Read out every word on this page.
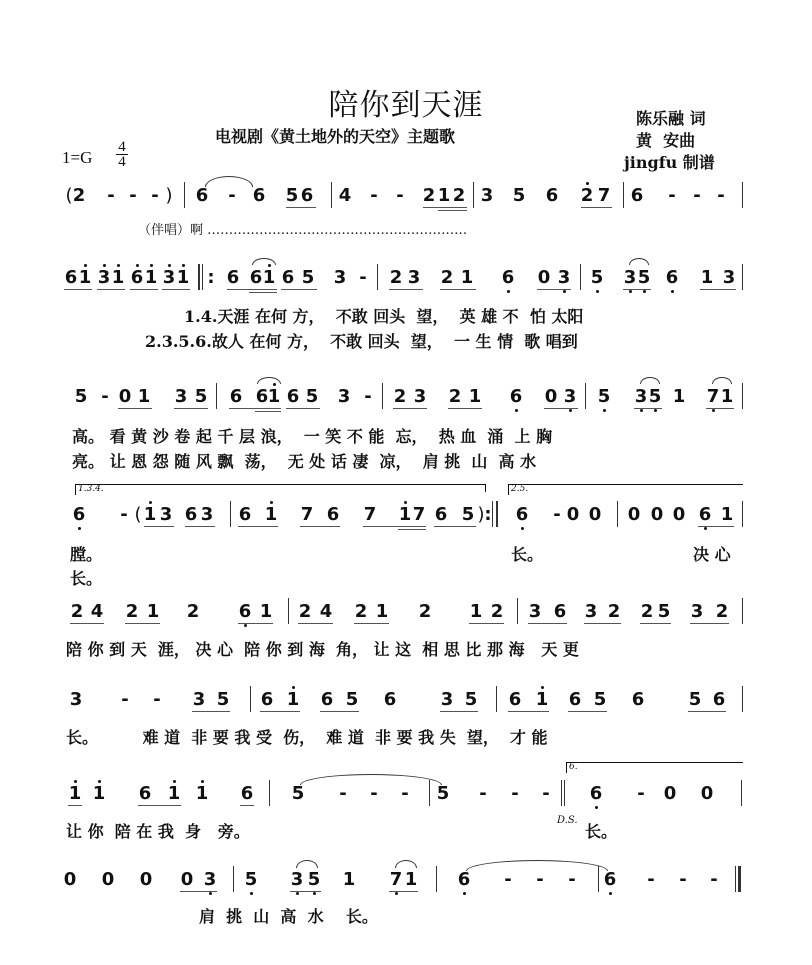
陪你到天涯
电视剧《黄土地外的天空》主题歌
陈乐融 词
黄  安曲
jingfu 制谱
$1=G \frac{4}{4}$
( 2 - - - ) 6 - 6 5 6 4 - - 2 1 2 3 5 6 2 7 6 - - -
（伴唱）啊 ……………………………………………………
6 1 3 1 6 1 3 1 : 6 6 1 6 5 3 - 2 3 2 1 6 0 3 5 3 5 6 1 3
1.4.天涯 在何 方，  不敢 回头  望，  英 雄 不  怕 太阳
2.3.5.6.故人 在何 方，  不敢 回头  望，  一 生 情  歌 唱到
5 - 0 1 3 5 6 6 1 6 5 3 - 2 3 2 1 6 0 3 5 3 5 1 7 1
高。 看 黄 沙 卷 起 千 层 浪，  一 笑 不 能  忘，  热 血  涌  上 胸
亮。 让 恩 怨 随 风 飘  荡，  无 处 话 凄  凉，  肩 挑  山  高 水
1.3.4.	2.5.
6 - ( 1 3 6 3 6 1 7 6 7 1 7 6 5 ) : 6 - 0 0 0 0 0 6 1
膛。
长。
长。	决 心
2 4 2 1 2 6 1 2 4 2 1 2 1 2 3 6 3 2 2 5 3 2
陪 你 到 天  涯， 决 心  陪 你 到 海  角， 让 这  相 思 比 那 海   天 更
3 - - 3 5 6 1 6 5 6 3 5 6 1 6 5 6 5 6
长。        难 道  非 要 我 受  伤，  难 道  非 要 我 失  望，  才 能
6.
1 1 6 1 1 6 5 - - - 5 - - - 6 - 0 0
让 你  陪 在 我  身   旁。
D.S.
长。
0 0 0 0 3 5 3 5 1 7 1 6 - - - 6 - - -
肩  挑  山  高  水    长。
